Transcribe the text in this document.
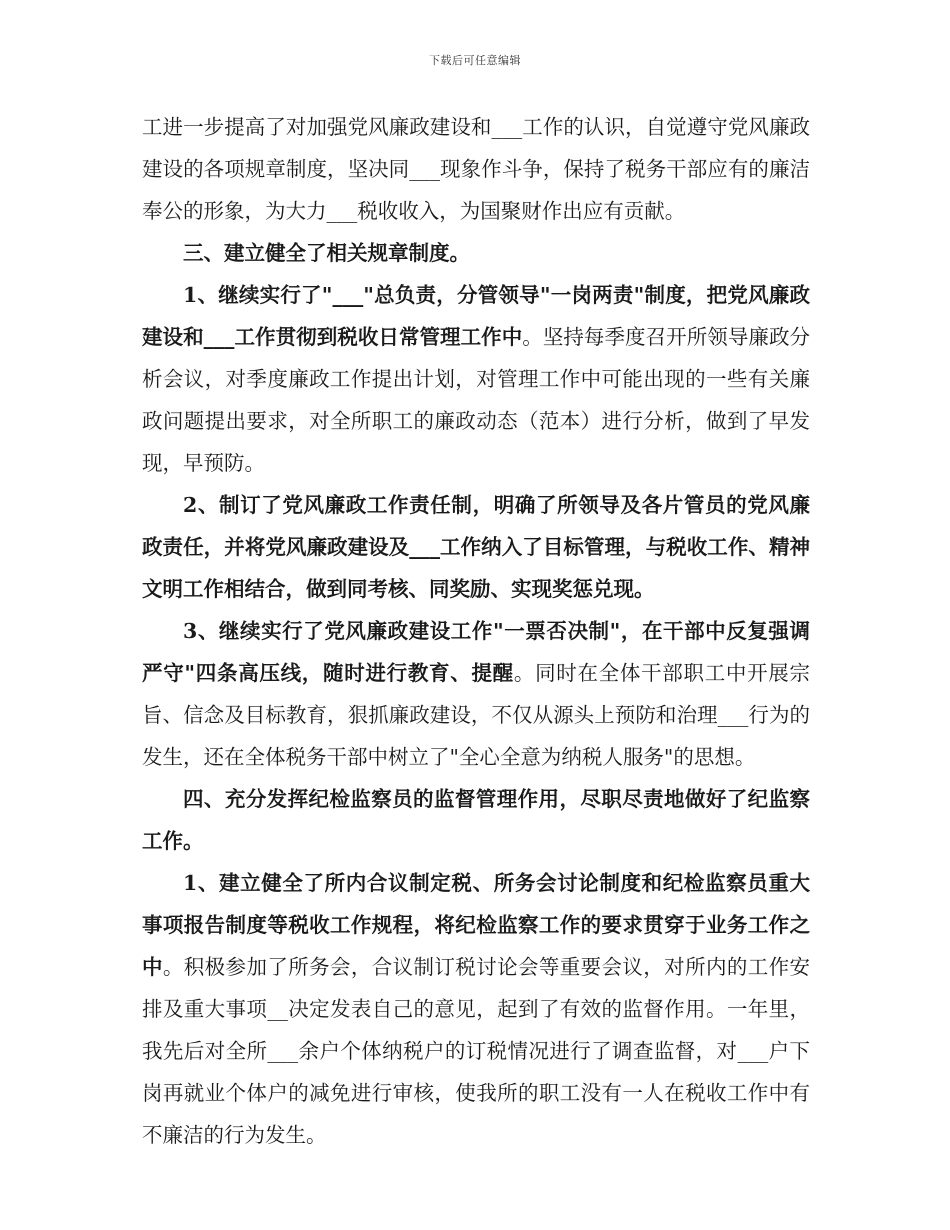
下载后可任意编辑

工进一步提高了对加强党风廉政建设和___工作的认识，自觉遵守党风廉政建设的各项规章制度，坚决同___现象作斗争，保持了税务干部应有的廉洁奉公的形象，为大力___税收收入，为国聚财作出应有贡献。

三、建立健全了相关规章制度。

1、继续实行了"___"总负责，分管领导"一岗两责"制度，把党风廉政建设和___工作贯彻到税收日常管理工作中。坚持每季度召开所领导廉政分析会议，对季度廉政工作提出计划，对管理工作中可能出现的一些有关廉政问题提出要求，对全所职工的廉政动态（范本）进行分析，做到了早发现，早预防。

2、制订了党风廉政工作责任制，明确了所领导及各片管员的党风廉政责任，并将党风廉政建设及___工作纳入了目标管理，与税收工作、精神文明工作相结合，做到同考核、同奖励、实现奖惩兑现。

3、继续实行了党风廉政建设工作"一票否决制"，在干部中反复强调严守"四条高压线，随时进行教育、提醒。同时在全体干部职工中开展宗旨、信念及目标教育，狠抓廉政建设，不仅从源头上预防和治理___行为的发生，还在全体税务干部中树立了"全心全意为纳税人服务"的思想。

四、充分发挥纪检监察员的监督管理作用，尽职尽责地做好了纪监察工作。

1、建立健全了所内合议制定税、所务会讨论制度和纪检监察员重大事项报告制度等税收工作规程，将纪检监察工作的要求贯穿于业务工作之中。积极参加了所务会，合议制订税讨论会等重要会议，对所内的工作安排及重大事项__决定发表自己的意见，起到了有效的监督作用。一年里，我先后对全所___余户个体纳税户的订税情况进行了调查监督，对___户下岗再就业个体户的减免进行审核，使我所的职工没有一人在税收工作中有不廉洁的行为发生。
